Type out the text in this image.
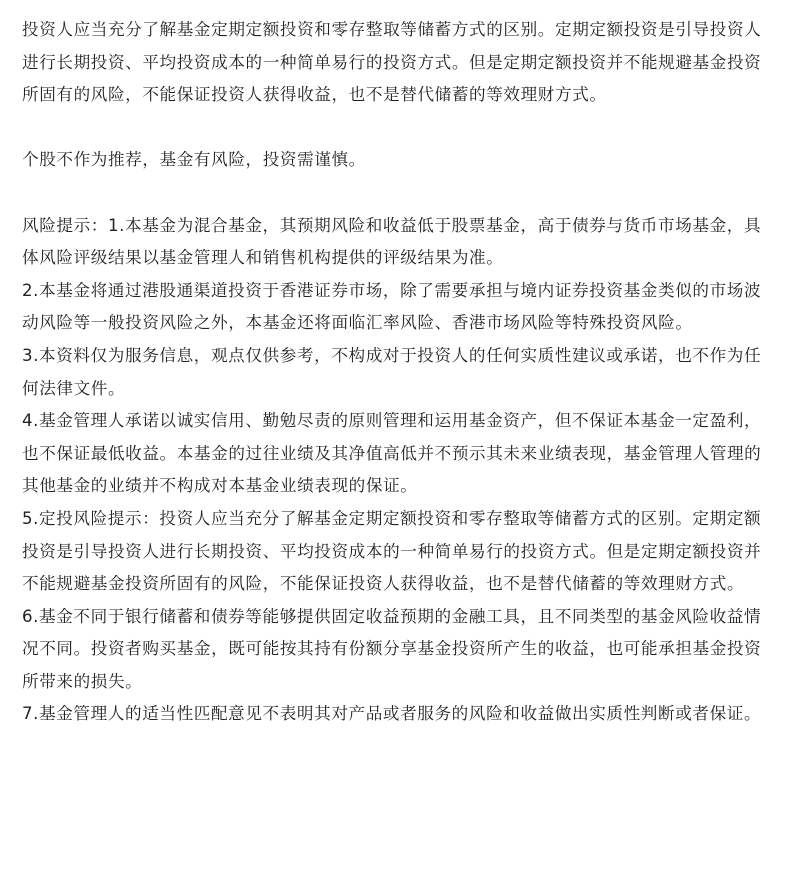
投资人应当充分了解基金定期定额投资和零存整取等储蓄方式的区别。定期定额投资是引导投资人进行长期投资、平均投资成本的一种简单易行的投资方式。但是定期定额投资并不能规避基金投资所固有的风险，不能保证投资人获得收益，也不是替代储蓄的等效理财方式。

个股不作为推荐，基金有风险，投资需谨慎。

风险提示：1.本基金为混合基金，其预期风险和收益低于股票基金，高于债券与货币市场基金，具体风险评级结果以基金管理人和销售机构提供的评级结果为准。

2.本基金将通过港股通渠道投资于香港证券市场，除了需要承担与境内证券投资基金类似的市场波动风险等一般投资风险之外，本基金还将面临汇率风险、香港市场风险等特殊投资风险。

3.本资料仅为服务信息，观点仅供参考，不构成对于投资人的任何实质性建议或承诺，也不作为任何法律文件。

4.基金管理人承诺以诚实信用、勤勉尽责的原则管理和运用基金资产，但不保证本基金一定盈利，也不保证最低收益。本基金的过往业绩及其净值高低并不预示其未来业绩表现，基金管理人管理的其他基金的业绩并不构成对本基金业绩表现的保证。

5.定投风险提示：投资人应当充分了解基金定期定额投资和零存整取等储蓄方式的区别。定期定额投资是引导投资人进行长期投资、平均投资成本的一种简单易行的投资方式。但是定期定额投资并不能规避基金投资所固有的风险，不能保证投资人获得收益，也不是替代储蓄的等效理财方式。

6.基金不同于银行储蓄和债券等能够提供固定收益预期的金融工具，且不同类型的基金风险收益情况不同。投资者购买基金，既可能按其持有份额分享基金投资所产生的收益，也可能承担基金投资所带来的损失。

7.基金管理人的适当性匹配意见不表明其对产品或者服务的风险和收益做出实质性判断或者保证。
